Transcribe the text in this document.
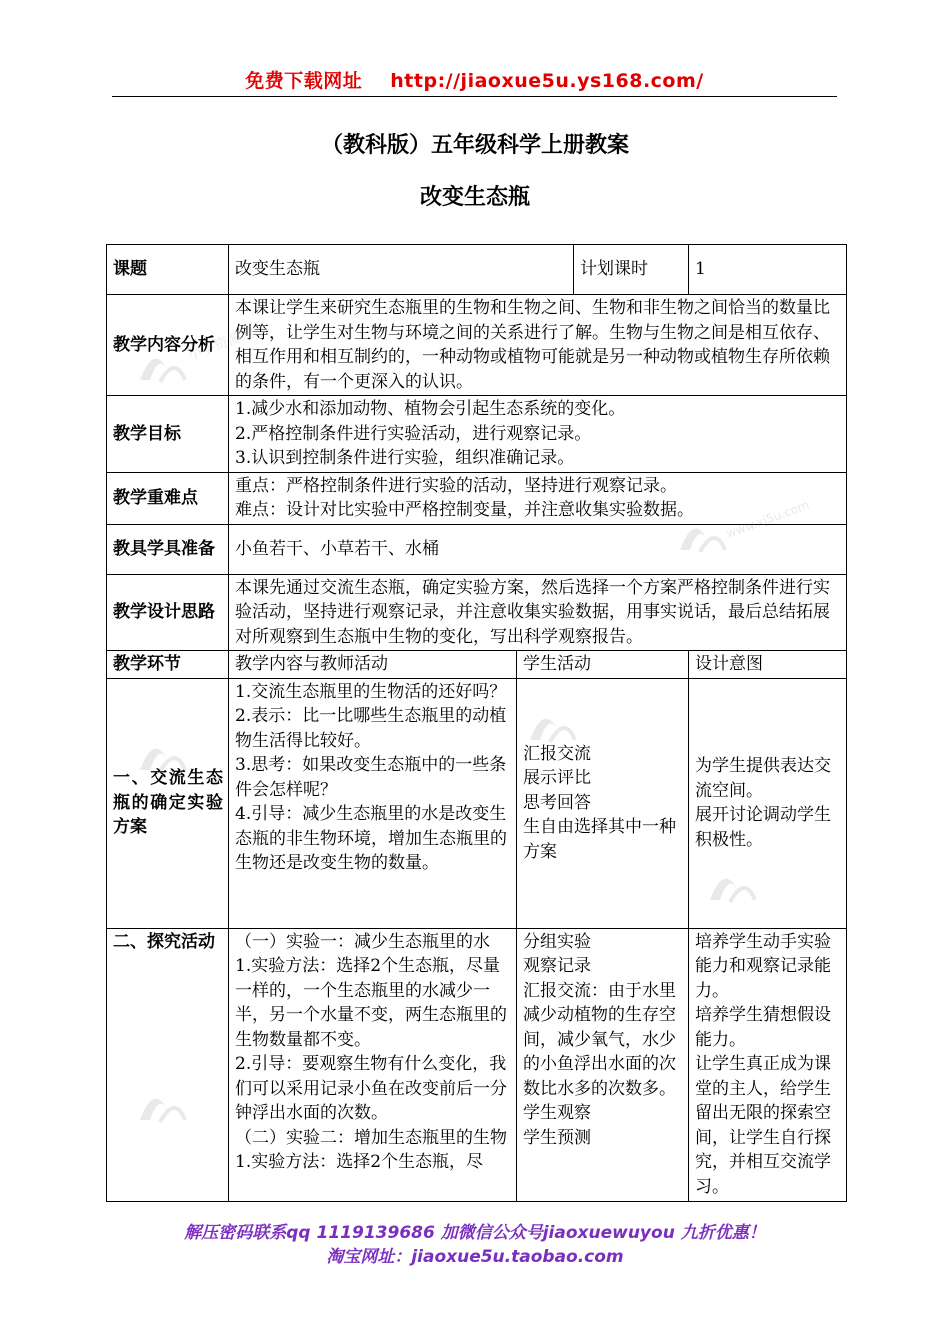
免费下载网址 http://jiaoxue5u.ys168.com/
（教科版）五年级科学上册教案
改变生态瓶
课题	改变生态瓶		计划课时	1
教学内容分析	本课让学生来研究生态瓶里的生物和生物之间、生物和非生物之间恰当的数量比例等，让学生对生物与环境之间的关系进行了解。生物与生物之间是相互依存、相互作用和相互制约的，一种动物或植物可能就是另一种动物或植物生存所依赖的条件，有一个更深入的认识。			
教学目标	1.减少水和添加动物、植物会引起生态系统的变化。
2.严格控制条件进行实验活动，进行观察记录。
3.认识到控制条件进行实验，组织准确记录。			

教学重难点	重点：严格控制条件进行实验的活动，坚持进行观察记录。
难点：设计对比实验中严格控制变量，并注意收集实验数据。			

教具学具准备	小鱼若干、小草若干、水桶			
教学设计思路	本课先通过交流生态瓶，确定实验方案，然后选择一个方案严格控制条件进行实验活动，坚持进行观察记录，并注意收集实验数据，用事实说话，最后总结拓展对所观察到生态瓶中生物的变化，写出科学观察报告。			
教学环节	教学内容与教师活动	学生活动		设计意图
一、交流生态瓶的确定实验方案	1.交流生态瓶里的生物活的还好吗？
2.表示：比一比哪些生态瓶里的动植物生活得比较好。
3.思考：如果改变生态瓶中的一些条件会怎样呢？
4.引导：减少生态瓶里的水是改变生态瓶的非生物环境，增加生态瓶里的生物还是改变生物的数量。	汇报交流
展示评比
思考回答
生自由选择其中一种方案		为学生提供表达交流空间。
展开讨论调动学生积极性。

二、探究活动	（一）实验一：减少生态瓶里的水
1.实验方法：选择2个生态瓶，尽量一样的，一个生态瓶里的水减少一半，另一个水量不变，两生态瓶里的生物数量都不变。
2.引导：要观察生物有什么变化，我们可以采用记录小鱼在改变前后一分钟浮出水面的次数。
（二）实验二：增加生态瓶里的生物
1.实验方法：选择2个生态瓶，尽	分组实验
观察记录
汇报交流：由于水里减少动植物的生存空间，减少氧气，水少的小鱼浮出水面的次数比水多的次数多。
学生观察
学生预测		培养学生动手实验能力和观察记录能力。
培养学生猜想假设能力。
让学生真正成为课堂的主人，给学生留出无限的探索空间，让学生自行探究，并相互交流学习。
小学资源网
www.xj5u.com
解压密码联系qq 1119139686 加微信公众号jiaoxuewuyou 九折优惠！
淘宝网址：jiaoxue5u.taobao.com
